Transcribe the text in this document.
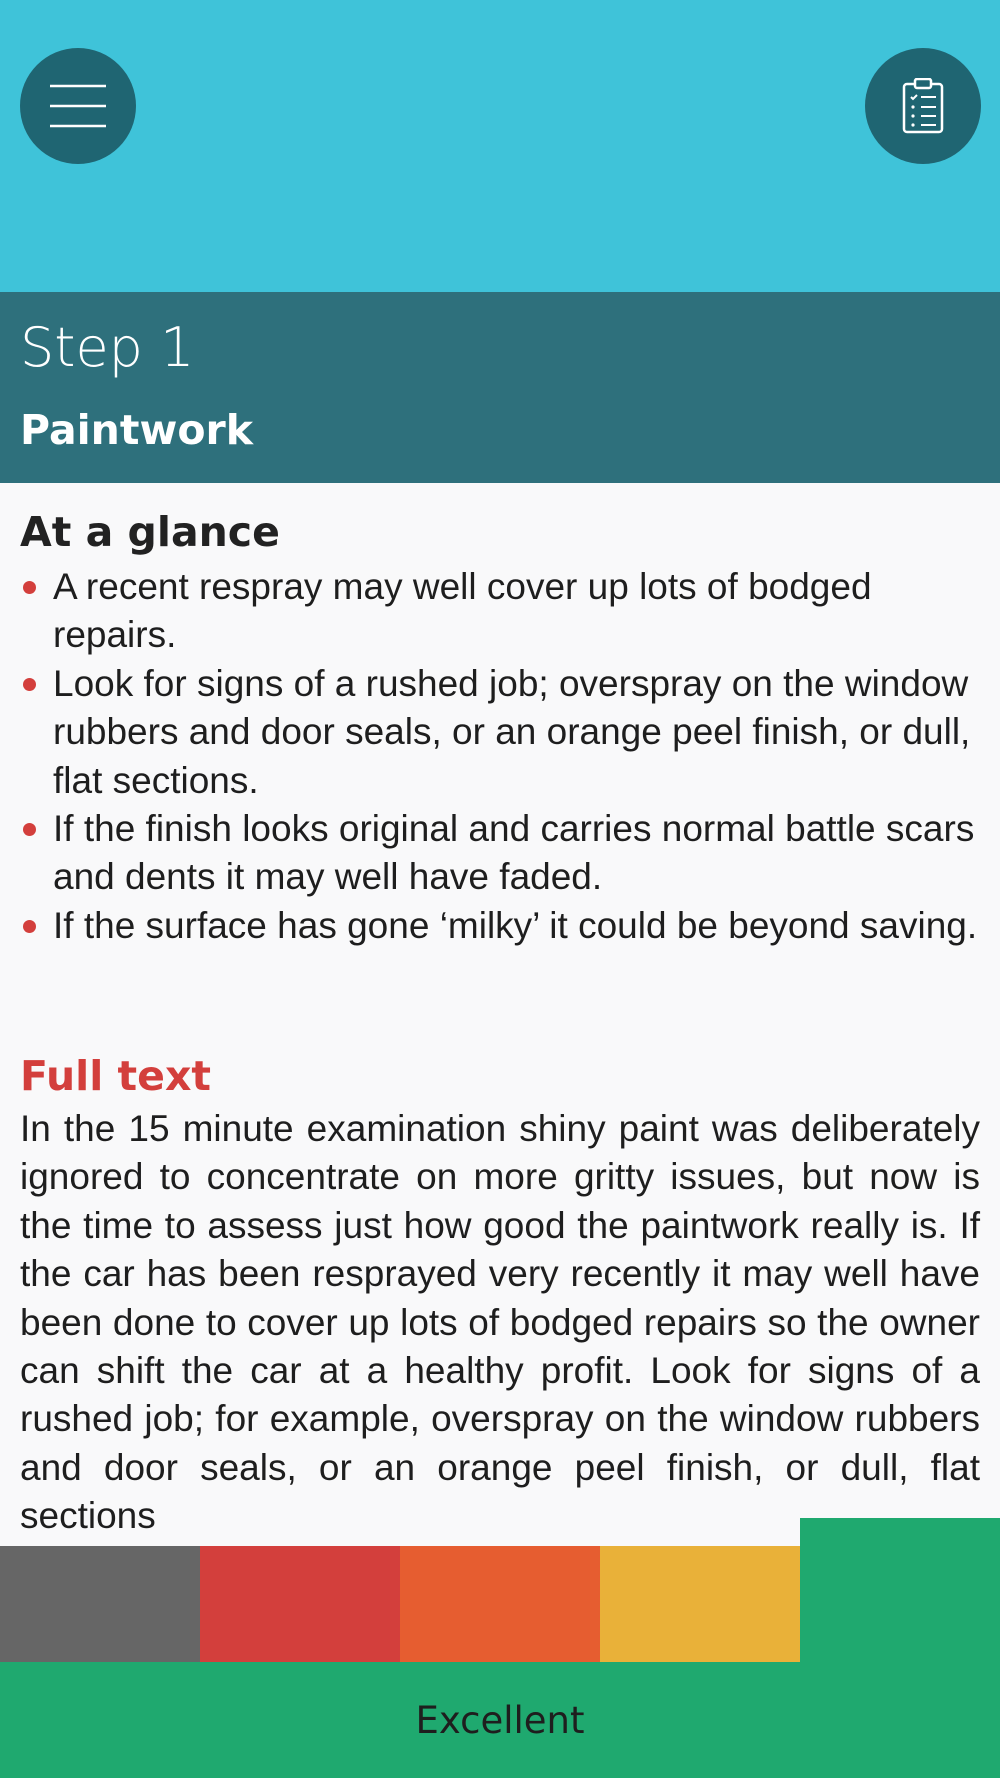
Step 1
Paintwork
At a glance
A recent respray may well cover up lots of bodged repairs.
Look for signs of a rushed job; overspray on the window rubbers and door seals, or an orange peel finish, or dull, flat sections.
If the finish looks original and carries normal battle scars and dents it may well have faded.
If the surface has gone ‘milky’ it could be beyond saving.
Full text

In the 15 minute examination shiny paint was deliberately ignored to concentrate on more gritty issues, but now is the time to assess just how good the paintwork really is. If the car has been resprayed very recently it may well have been done to cover up lots of bodged repairs so the owner can shift the car at a healthy profit. Look for signs of a rushed job; for example, overspray on the window rubbers and door seals, or an orange peel finish, or dull, flat sections

Excellent
